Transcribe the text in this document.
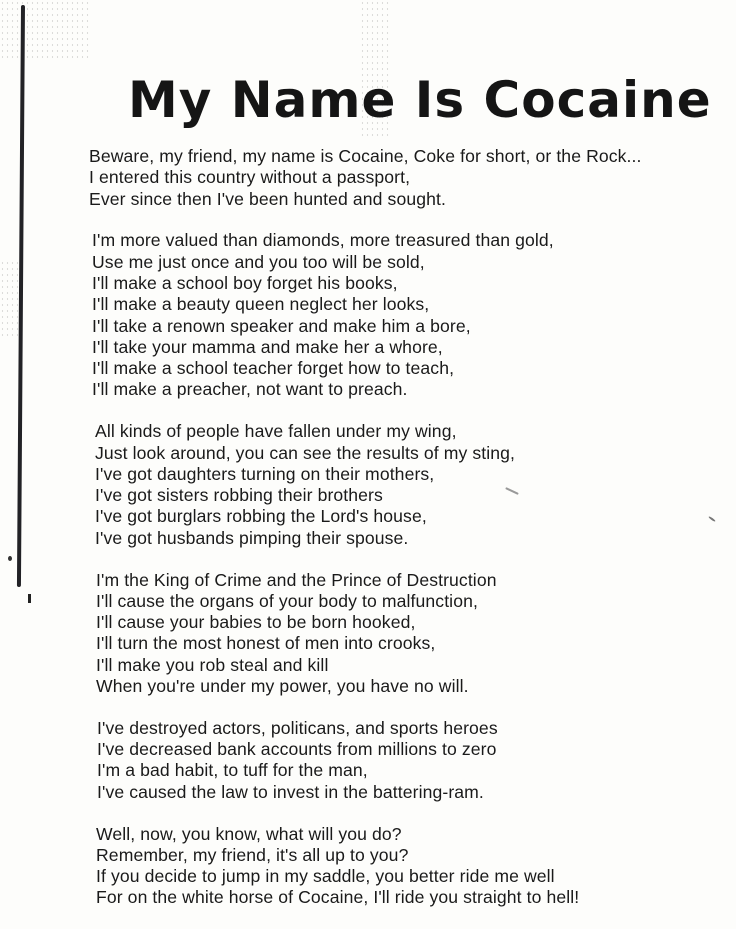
My Name Is Cocaine
Beware, my friend, my name is Cocaine, Coke for short, or the Rock...
I entered this country without a passport,
Ever since then I've been hunted and sought.
I'm more valued than diamonds, more treasured than gold,
Use me just once and you too will be sold,
I'll make a school boy forget his books,
I'll make a beauty queen neglect her looks,
I'll take a renown speaker and make him a bore,
I'll take your mamma and make her a whore,
I'll make a school teacher forget how to teach,
I'll make a preacher, not want to preach.
All kinds of people have fallen under my wing,
Just look around, you can see the results of my sting,
I've got daughters turning on their mothers,
I've got sisters robbing their brothers
I've got burglars robbing the Lord's house,
I've got husbands pimping their spouse.
I'm the King of Crime and the Prince of Destruction
I'll cause the organs of your body to malfunction,
I'll cause your babies to be born hooked,
I'll turn the most honest of men into crooks,
I'll make you rob steal and kill
When you're under my power, you have no will.
I've destroyed actors, politicans, and sports heroes
I've decreased bank accounts from millions to zero
I'm a bad habit, to tuff for the man,
I've caused the law to invest in the battering-ram.
Well, now, you know, what will you do?
Remember, my friend, it's all up to you?
If you decide to jump in my saddle, you better ride me well
For on the white horse of Cocaine, I'll ride you straight to hell!
